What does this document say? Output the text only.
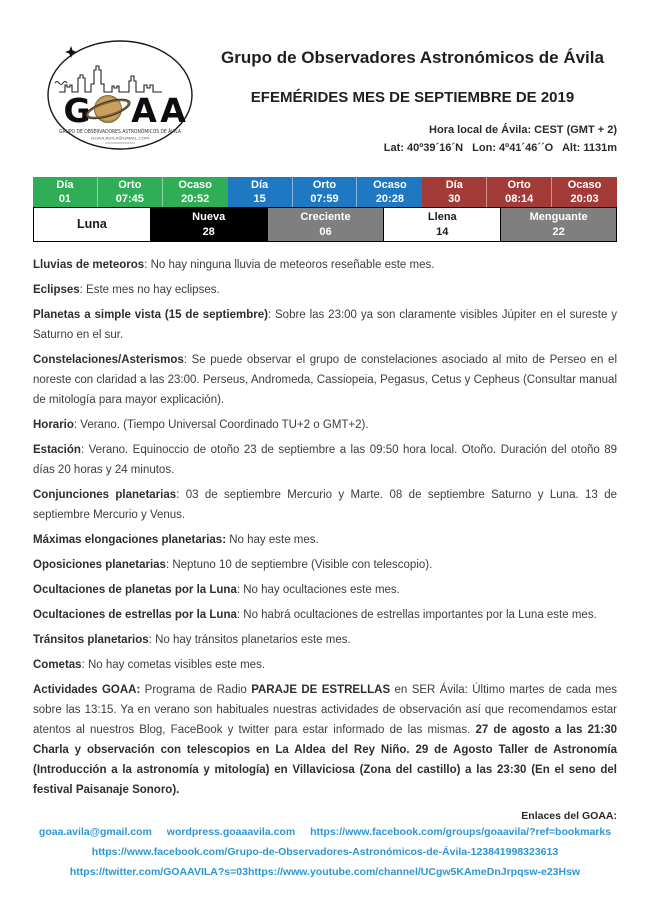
G A A
GRUPO DE OBSERVADORES ASTRONÓMICOS DE ÁVILA
GOAA.AVILA@GMAIL.COM
Grupo de Observadores Astronómicos de Ávila
EFEMÉRIDES MES DE SEPTIEMBRE DE 2019
Hora local de Ávila: CEST (GMT + 2)
Lat: 40º39´16´N   Lon: 4º41´46´´O   Alt: 1131m
Día
01
Orto
07:45
Ocaso
20:52
Día
15
Orto
07:59
Ocaso
20:28
Día
30
Orto
08:14
Ocaso
20:03
Luna
Nueva
28
Creciente
06
Llena
14
Menguante
22

Lluvias de meteoros: No hay ninguna lluvia de meteoros reseñable este mes.

Eclipses: Este mes no hay eclipses.

Planetas a simple vista (15 de septiembre): Sobre las 23:00 ya son claramente visibles Júpiter en el sureste y Saturno en el sur.

Constelaciones/Asterismos: Se puede observar el grupo de constelaciones asociado al mito de Perseo en el noreste con claridad a las 23:00. Perseus, Andromeda, Cassiopeia, Pegasus, Cetus y Cepheus (Consultar manual de mitología para mayor explicación).

Horario: Verano. (Tiempo Universal Coordinado TU+2 o GMT+2).

Estación: Verano. Equinoccio de otoño 23 de septiembre a las 09:50 hora local. Otoño. Duración del otoño 89 días 20 horas y 24 minutos.

Conjunciones planetarias: 03 de septiembre Mercurio y Marte. 08 de septiembre Saturno y Luna. 13 de septiembre Mercurio y Venus.

Máximas elongaciones planetarias: No hay este mes.

Oposiciones planetarias: Neptuno 10 de septiembre (Visible con telescopio).

Ocultaciones de planetas por la Luna: No hay ocultaciones este mes.

Ocultaciones de estrellas por la Luna: No habrá ocultaciones de estrellas importantes por la Luna este mes.

Tránsitos planetarios: No hay tránsitos planetarios este mes.

Cometas: No hay cometas visibles este mes.

Actividades GOAA: Programa de Radio PARAJE DE ESTRELLAS en SER Ávila: Último martes de cada mes sobre las 13:15. Ya en verano son habituales nuestras actividades de observación así que recomendamos estar atentos al nuestros Blog, FaceBook y twitter para estar informado de las mismas. 27 de agosto a las 21:30 Charla y observación con telescopios en La Aldea del Rey Niño. 29 de Agosto Taller de Astronomía (Introducción a la astronomía y mitología) en Villaviciosa (Zona del castillo) a las 23:30 (En el seno del festival Paisanaje Sonoro).

Enlaces del GOAA:
goaa.avila@gmail.com wordpress.goaaavila.com https://www.facebook.com/groups/goaavila/?ref=bookmarks
https://www.facebook.com/Grupo-de-Observadores-Astronómicos-de-Ávila-123841998323613
https://twitter.com/GOAAVILA?s=03https://www.youtube.com/channel/UCgw5KAmeDnJrpqsw-e23Hsw
